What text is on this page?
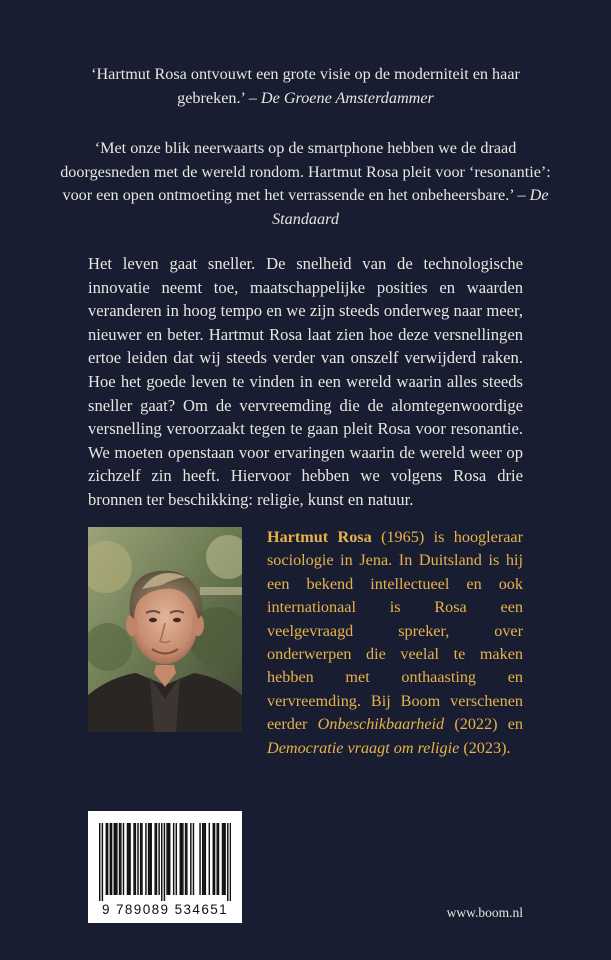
‘Hartmut Rosa ontvouwt een grote visie op de moderniteit en haar gebreken.’ – De Groene Amsterdammer
‘Met onze blik neerwaarts op de smartphone hebben we de draad doorgesneden met de wereld rondom. Hartmut Rosa pleit voor ‘resonantie’: voor een open ontmoeting met het verrassende en het onbeheersbare.’ – De Standaard
Het leven gaat sneller. De snelheid van de technologische innovatie neemt toe, maatschappelijke posities en waarden veranderen in hoog tempo en we zijn steeds onderweg naar meer, nieuwer en beter. Hartmut Rosa laat zien hoe deze versnellingen ertoe leiden dat wij steeds verder van onszelf verwijderd raken. Hoe het goede leven te vinden in een wereld waarin alles steeds sneller gaat? Om de vervreemding die de alomtegenwoordige versnelling veroorzaakt tegen te gaan pleit Rosa voor resonantie. We moeten openstaan voor ervaringen waarin de wereld weer op zichzelf zin heeft. Hiervoor hebben we volgens Rosa drie bronnen ter beschikking: religie, kunst en natuur.
Hartmut Rosa (1965) is hoogleraar sociologie in Jena. In Duitsland is hij een bekend intellectueel en ook internationaal is Rosa een veelgevraagd spreker, over onderwerpen die veelal te maken hebben met onthaasting en vervreemding. Bij Boom verschenen eerder Onbeschikbaarheid (2022) en Democratie vraagt om religie (2023).
9 789089 534651	www.boom.nl
